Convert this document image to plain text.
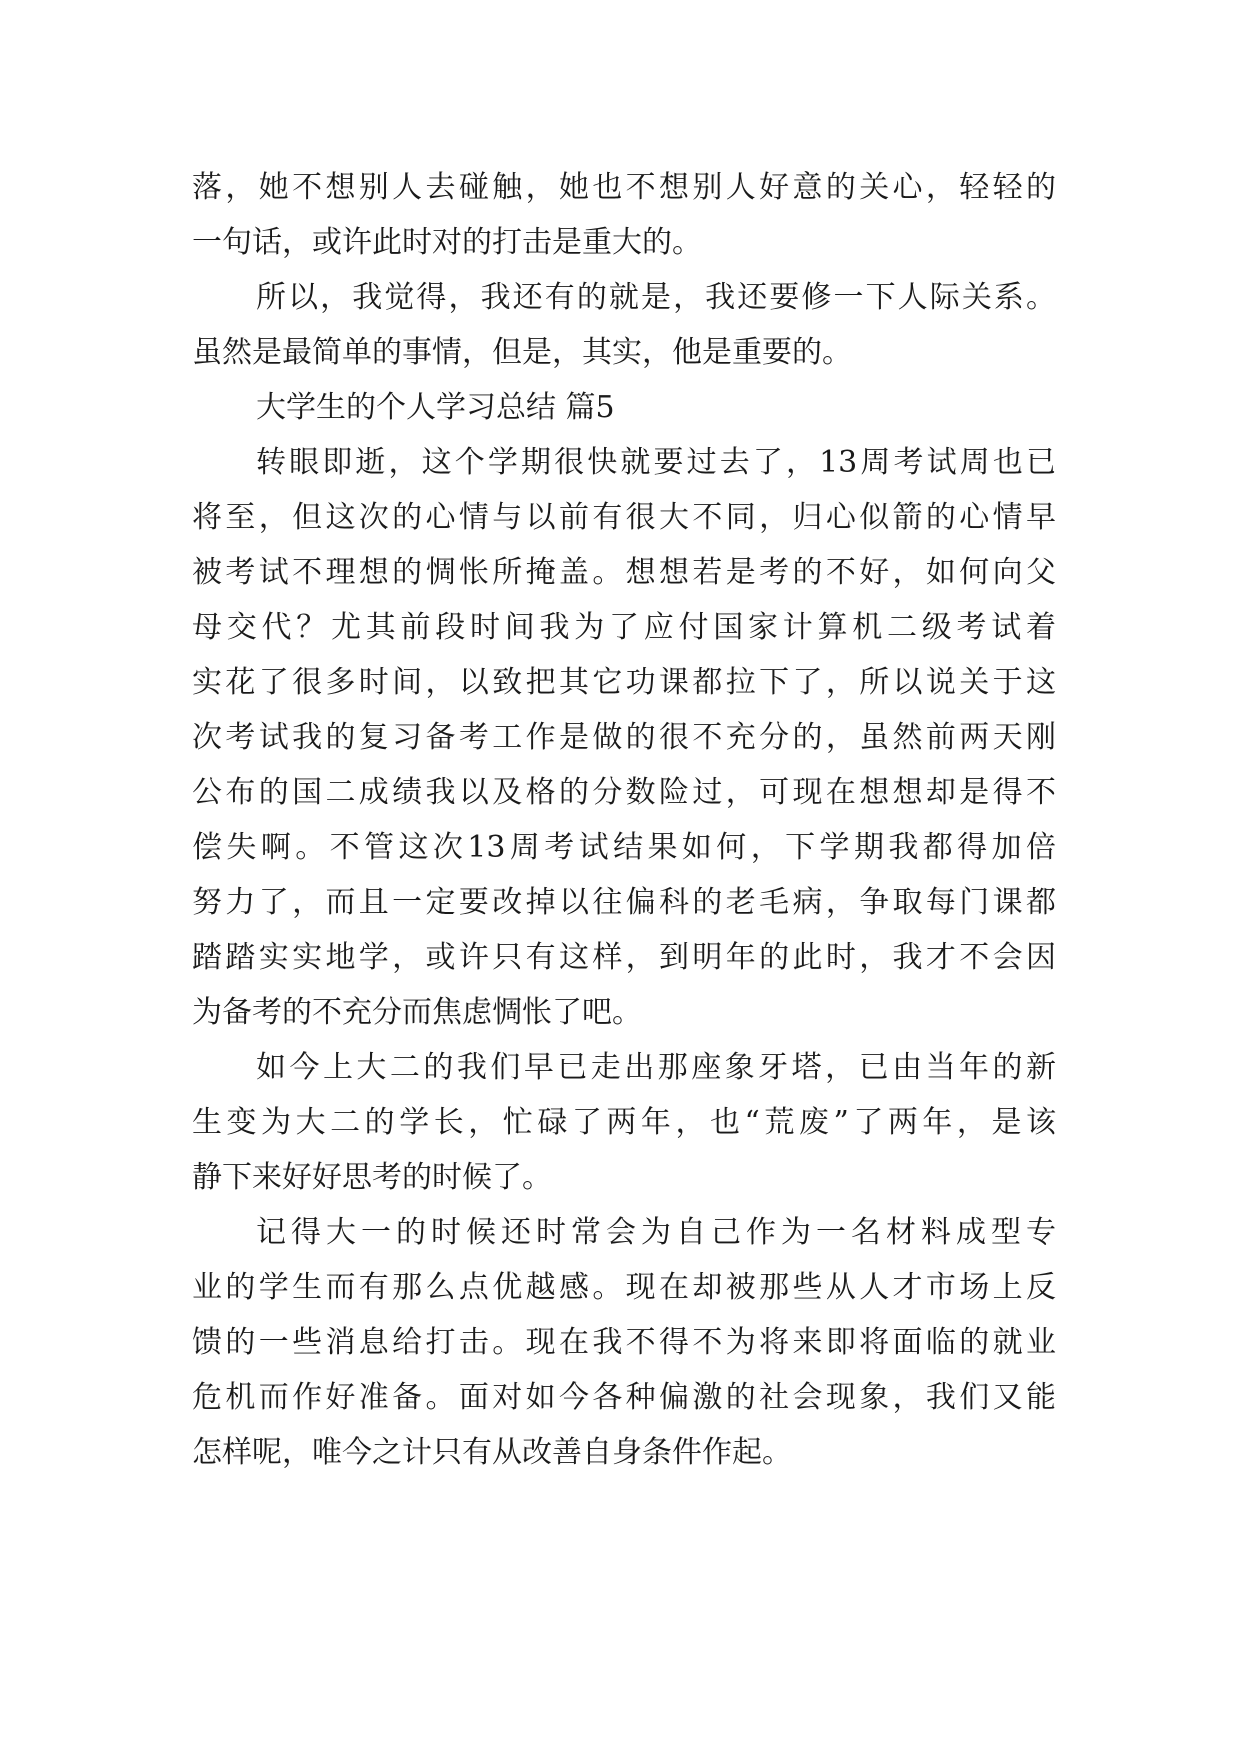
落，她不想别人去碰触，她也不想别人好意的关心，轻轻的
一句话，或许此时对的打击是重大的。
所以，我觉得，我还有的就是，我还要修一下人际关系。
虽然是最简单的事情，但是，其实，他是重要的。
大学生的个人学习总结 篇5
转眼即逝，这个学期很快就要过去了，13周考试周也已
将至，但这次的心情与以前有很大不同，归心似箭的心情早
被考试不理想的惆怅所掩盖。想想若是考的不好，如何向父
母交代？尤其前段时间我为了应付国家计算机二级考试着
实花了很多时间，以致把其它功课都拉下了，所以说关于这
次考试我的复习备考工作是做的很不充分的，虽然前两天刚
公布的国二成绩我以及格的分数险过，可现在想想却是得不
偿失啊。不管这次13周考试结果如何，下学期我都得加倍
努力了，而且一定要改掉以往偏科的老毛病，争取每门课都
踏踏实实地学，或许只有这样，到明年的此时，我才不会因
为备考的不充分而焦虑惆怅了吧。
如今上大二的我们早已走出那座象牙塔，已由当年的新
生变为大二的学长，忙碌了两年，也“荒废”了两年，是该
静下来好好思考的时候了。
记得大一的时候还时常会为自己作为一名材料成型专
业的学生而有那么点优越感。现在却被那些从人才市场上反
馈的一些消息给打击。现在我不得不为将来即将面临的就业
危机而作好准备。面对如今各种偏激的社会现象，我们又能
怎样呢，唯今之计只有从改善自身条件作起。
